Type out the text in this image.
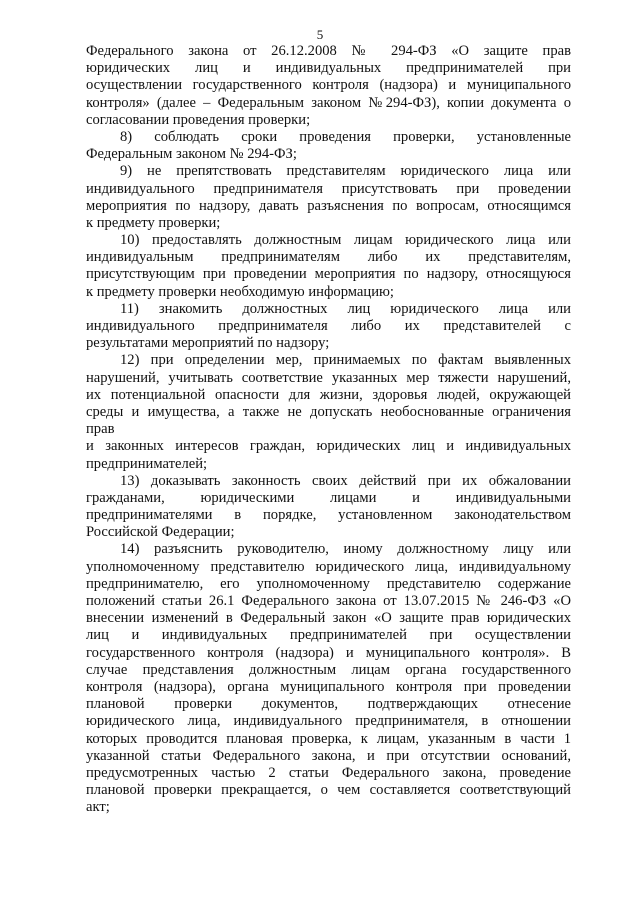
5
Федерального закона от 26.12.2008 № 294-ФЗ «О защите прав
юридических лиц и индивидуальных предпринимателей при
осуществлении государственного контроля (надзора) и муниципального
контроля» (далее – Федеральным законом №294-ФЗ), копии документа о
согласовании проведения проверки;
8) соблюдать сроки проведения проверки, установленные
Федеральным законом № 294-ФЗ;
9) не препятствовать представителям юридического лица или
индивидуального предпринимателя присутствовать при проведении
мероприятия по надзору, давать разъяснения по вопросам, относящимся
к предмету проверки;
10) предоставлять должностным лицам юридического лица или
индивидуальным предпринимателям либо их представителям,
присутствующим при проведении мероприятия по надзору, относящуюся
к предмету проверки необходимую информацию;
11) знакомить должностных лиц юридического лица или
индивидуального предпринимателя либо их представителей с
результатами мероприятий по надзору;
12) при определении мер, принимаемых по фактам выявленных
нарушений, учитывать соответствие указанных мер тяжести нарушений,
их потенциальной опасности для жизни, здоровья людей, окружающей
среды и имущества, а также не допускать необоснованные ограничения
прав
и законных интересов граждан, юридических лиц и индивидуальных
предпринимателей;
13) доказывать законность своих действий при их обжаловании
гражданами, юридическими лицами и индивидуальными
предпринимателями в порядке, установленном законодательством
Российской Федерации;
14) разъяснить руководителю, иному должностному лицу или
уполномоченному представителю юридического лица, индивидуальному
предпринимателю, его уполномоченному представителю содержание
положений статьи 26.1 Федерального закона от 13.07.2015 № 246-ФЗ «О
внесении изменений в Федеральный закон «О защите прав юридических
лиц и индивидуальных предпринимателей при осуществлении
государственного контроля (надзора) и муниципального контроля». В
случае представления должностным лицам органа государственного
контроля (надзора), органа муниципального контроля при проведении
плановой проверки документов, подтверждающих отнесение
юридического лица, индивидуального предпринимателя, в отношении
которых проводится плановая проверка, к лицам, указанным в части 1
указанной статьи Федерального закона, и при отсутствии оснований,
предусмотренных частью 2 статьи Федерального закона, проведение
плановой проверки прекращается, о чем составляется соответствующий
акт;
